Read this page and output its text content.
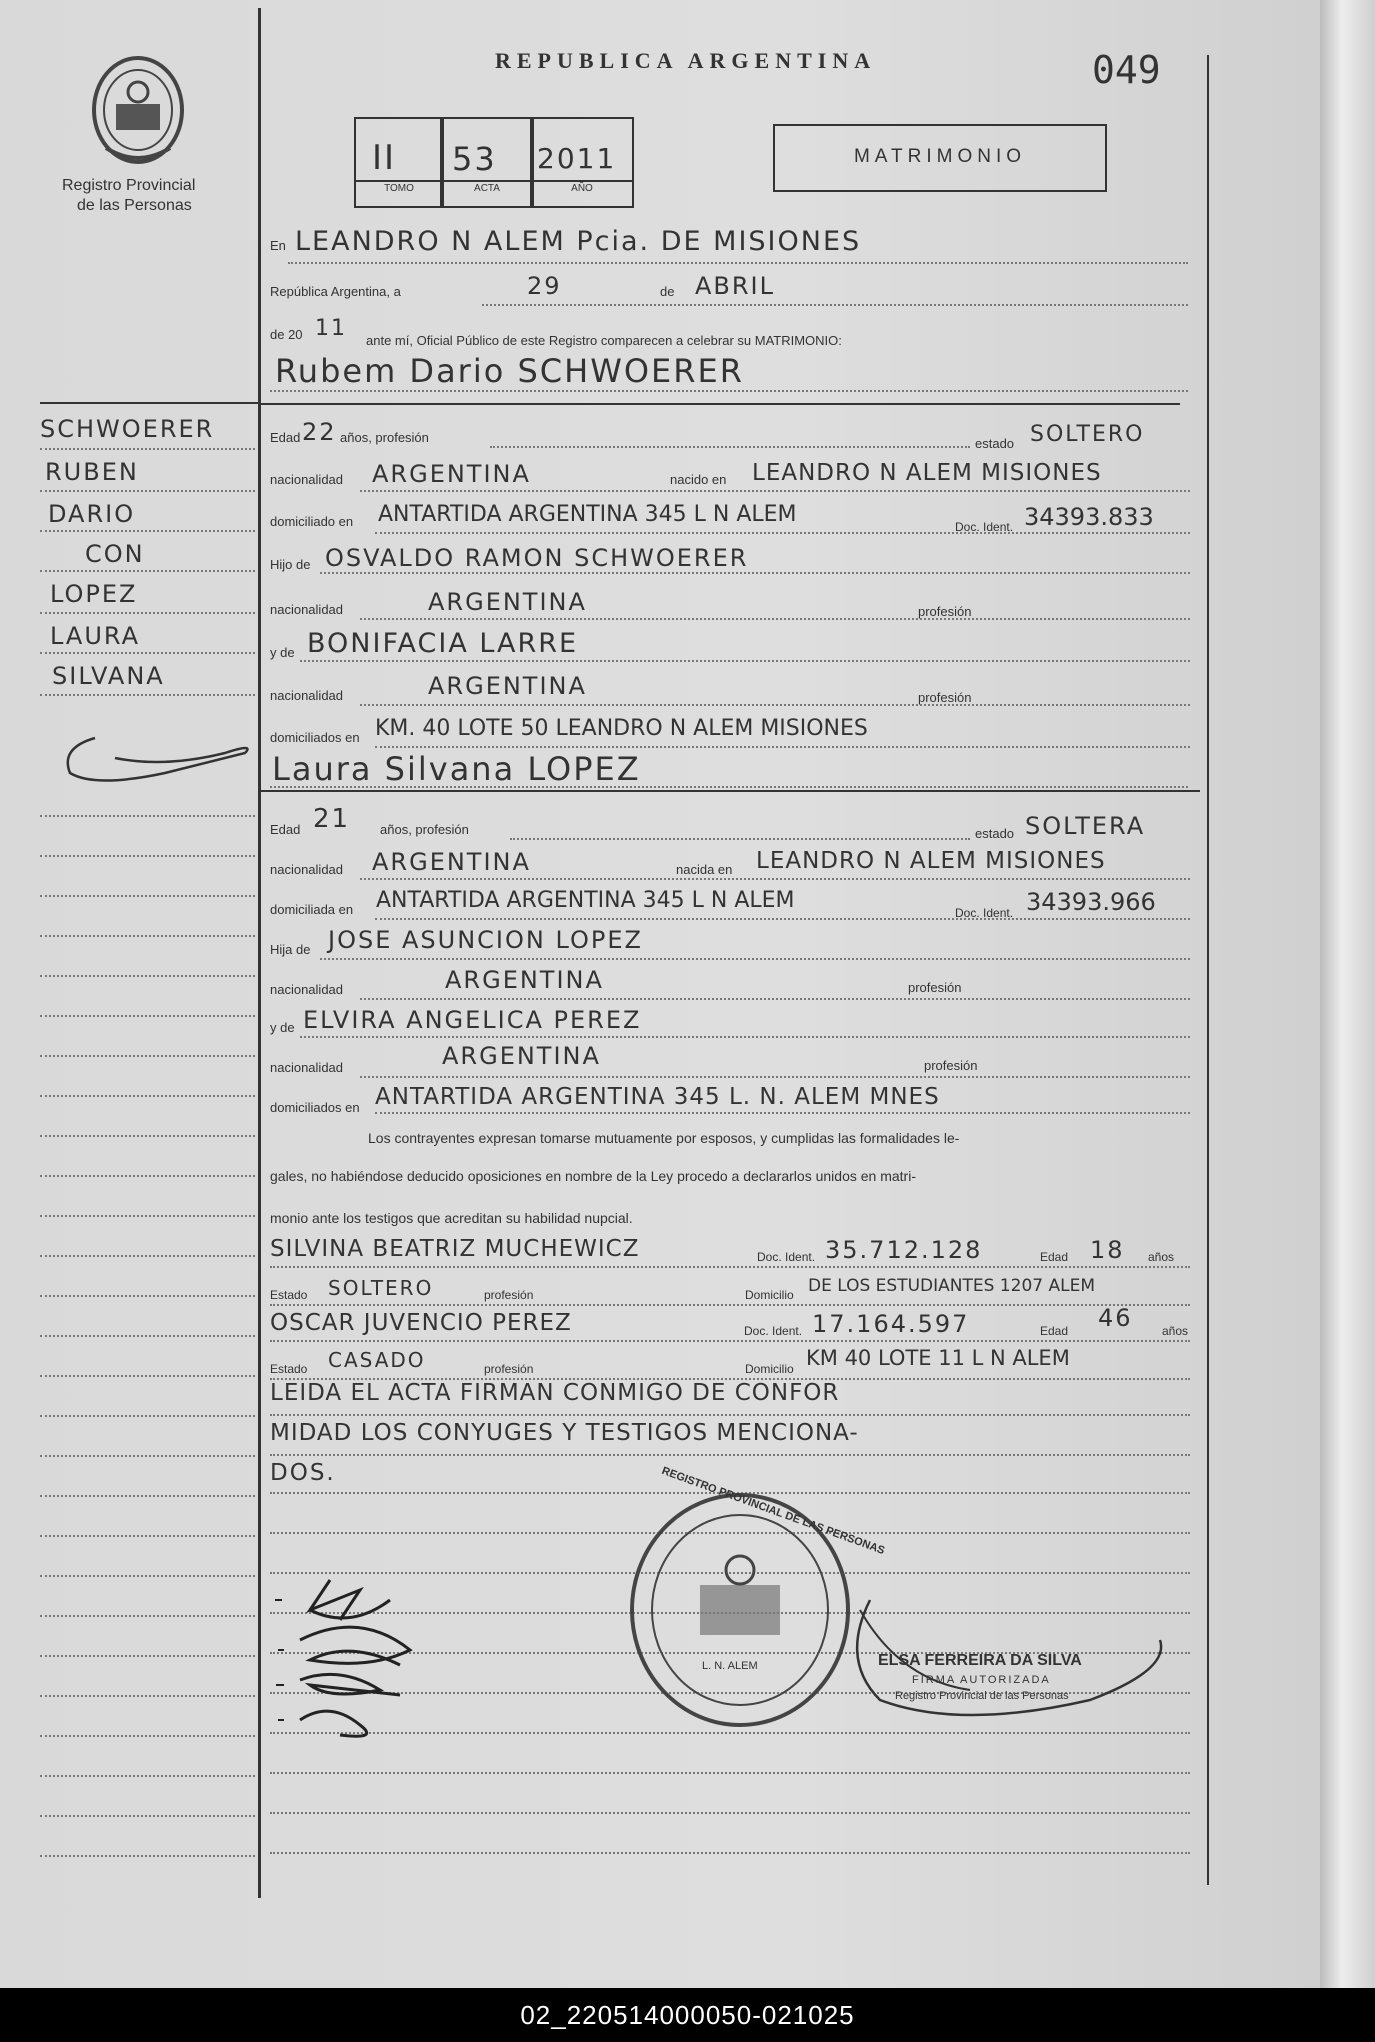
Registro Provincial
de las Personas
REPUBLICA ARGENTINA	049
II 53 2011
TOMO	ACTA	AÑO
MATRIMONIO
SCHWOERER
RUBEN
DARIO
CON
LOPEZ
LAURA
SILVANA
En LEANDRO N ALEM Pcia. DE MISIONES
República Argentina, a	29	de ABRIL
de 20 11 ante mí, Oficial Público de este Registro comparecen a celebrar su MATRIMONIO:
Rubem Dario SCHWOERER
Edad 22 años, profesión	estado SOLTERO
nacionalidad ARGENTINA	nacido en LEANDRO N ALEM MISIONES
domiciliado en ANTARTIDA ARGENTINA 345 L N ALEM	Doc. Ident. 34393.833
Hijo de OSVALDO RAMON SCHWOERER
nacionalidad	ARGENTINA	profesión
y de BONIFACIA LARRE
nacionalidad	ARGENTINA	profesión
domiciliados en KM. 40 LOTE 50 LEANDRO N ALEM MISIONES
Laura Silvana LOPEZ
Edad 21 años, profesión	estado SOLTERA
nacionalidad ARGENTINA	nacida en LEANDRO N ALEM MISIONES
domiciliada en ANTARTIDA ARGENTINA 345 L N ALEM	Doc. Ident. 34393.966
Hija de JOSE ASUNCION LOPEZ
nacionalidad	ARGENTINA	profesión
y de ELVIRA ANGELICA PEREZ
nacionalidad	ARGENTINA	profesión
domiciliados en ANTARTIDA ARGENTINA 345 L. N. ALEM MNES
Los contrayentes expresan tomarse mutuamente por esposos, y cumplidas las formalidades le-
gales, no habiéndose deducido oposiciones en nombre de la Ley procedo a declararlos unidos en matri-
monio ante los testigos que acreditan su habilidad nupcial.
SILVINA BEATRIZ MUCHEWICZ	Doc. Ident. 35.712.128	Edad 18 años
Estado SOLTERO	profesión	Domicilio DE LOS ESTUDIANTES 1207 ALEM
OSCAR JUVENCIO PEREZ	Doc. Ident. 17.164.597	Edad 46 años
Estado CASADO	profesión	Domicilio KM 40 LOTE 11 L N ALEM
LEIDA EL ACTA FIRMAN CONMIGO DE CONFOR
MIDAD LOS CONYUGES Y TESTIGOS MENCIONA-
DOS.	REGISTRO PROVINCIAL DE LAS PERSONAS
L. N. ALEM	ELSA FERREIRA DA SILVA
FIRMA AUTORIZADA
Registro Provincial de las Personas
02_220514000050-021025
